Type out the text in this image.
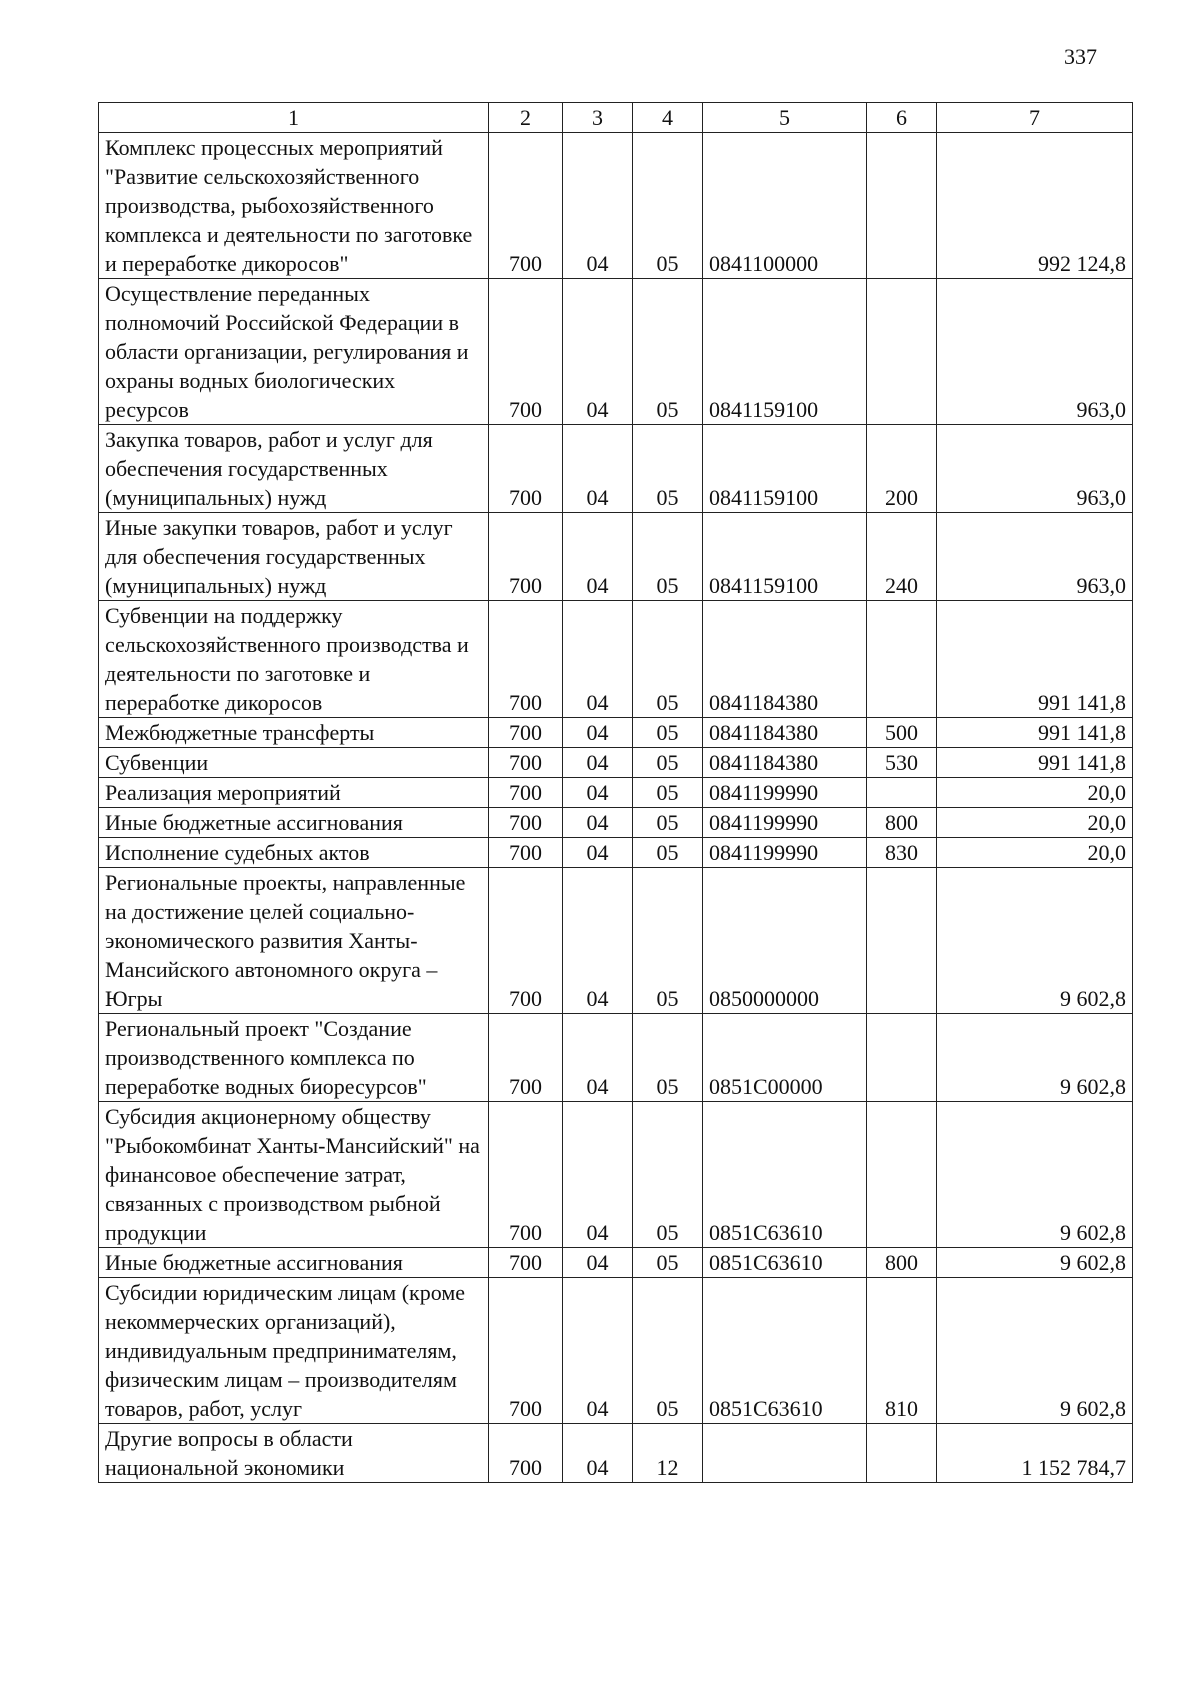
337
1	2	3	4	5	6	7
Комплекс процессных мероприятий "Развитие сельскохозяйственного производства, рыбохозяйственного комплекса и деятельности по заготовке и переработке дикоросов"	700	04	05	0841100000		992 124,8
Осуществление переданных полномочий Российской Федерации в области организации, регулирования и охраны водных биологических ресурсов	700	04	05	0841159100		963,0
Закупка товаров, работ и услуг для обеспечения государственных (муниципальных) нужд	700	04	05	0841159100	200	963,0
Иные закупки товаров, работ и услуг для обеспечения государственных (муниципальных) нужд	700	04	05	0841159100	240	963,0
Субвенции на поддержку сельскохозяйственного производства и деятельности по заготовке и переработке дикоросов	700	04	05	0841184380		991 141,8
Межбюджетные трансферты	700	04	05	0841184380	500	991 141,8
Субвенции	700	04	05	0841184380	530	991 141,8
Реализация мероприятий	700	04	05	0841199990		20,0
Иные бюджетные ассигнования	700	04	05	0841199990	800	20,0
Исполнение судебных актов	700	04	05	0841199990	830	20,0
Региональные проекты, направленные на достижение целей социально-экономического развития Ханты-Мансийского автономного округа – Югры	700	04	05	0850000000		9 602,8
Региональный проект "Создание производственного комплекса по переработке водных биоресурсов"	700	04	05	0851С00000		9 602,8
Субсидия акционерному обществу "Рыбокомбинат Ханты-Мансийский" на финансовое обеспечение затрат, связанных с производством рыбной продукции	700	04	05	0851С63610		9 602,8
Иные бюджетные ассигнования	700	04	05	0851С63610	800	9 602,8
Субсидии юридическим лицам (кроме некоммерческих организаций), индивидуальным предпринимателям, физическим лицам – производителям товаров, работ, услуг	700	04	05	0851С63610	810	9 602,8
Другие вопросы в области национальной экономики	700	04	12			1 152 784,7
